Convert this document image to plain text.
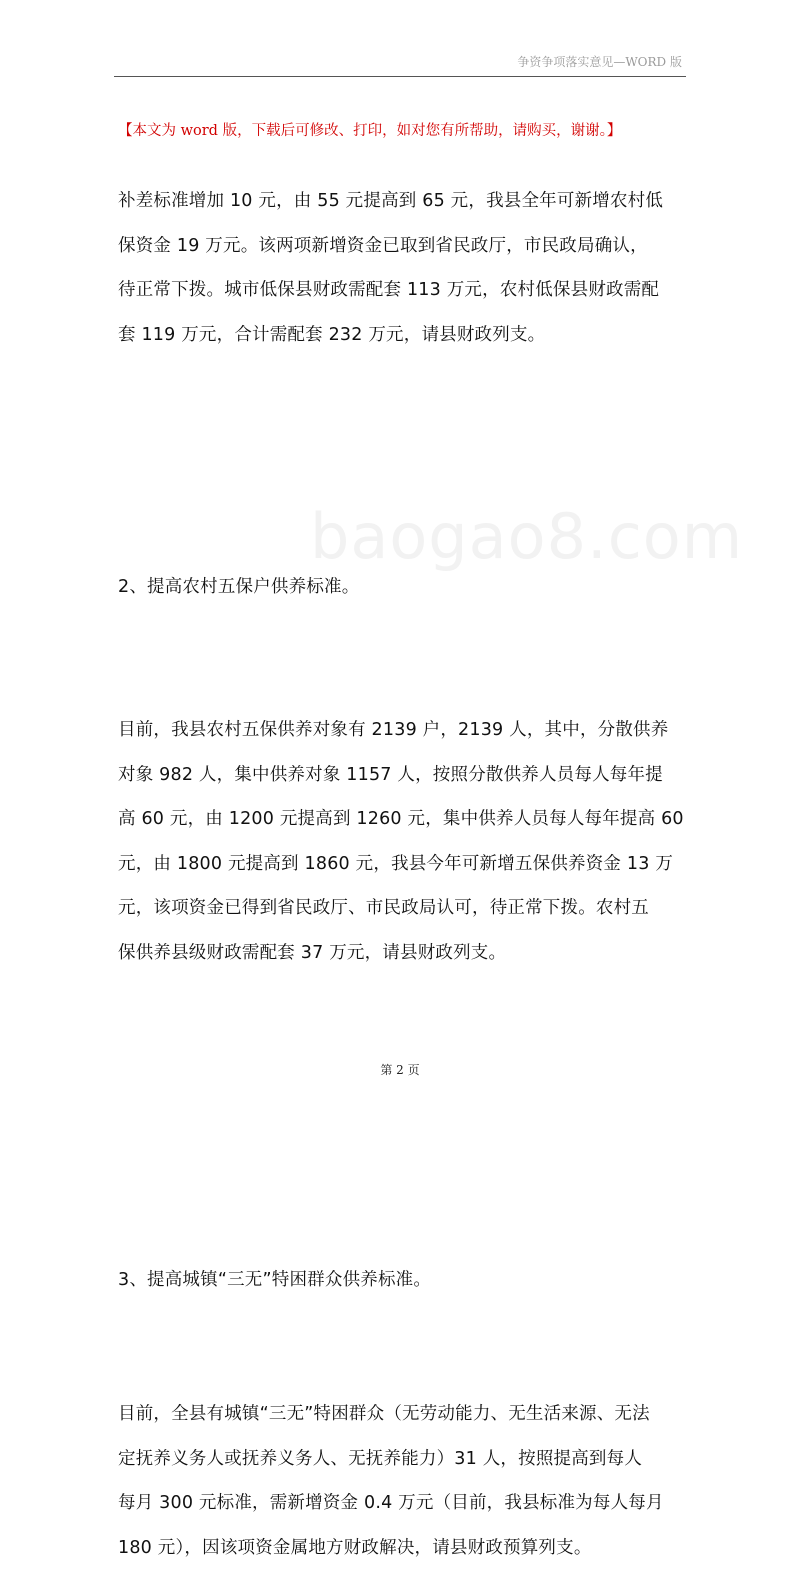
争资争项落实意见—WORD 版
baogao8.com
【本文为 word 版，下载后可修改、打印，如对您有所帮助，请购买，谢谢。】
补差标准增加 10 元，由 55 元提高到 65 元，我县全年可新增农村低
保资金 19 万元。该两项新增资金已取到省民政厅，市民政局确认，
待正常下拨。城市低保县财政需配套 113 万元，农村低保县财政需配
套 119 万元，合计需配套 232 万元，请县财政列支。
2、提高农村五保户供养标准。
目前，我县农村五保供养对象有 2139 户，2139 人，其中，分散供养
对象 982 人，集中供养对象 1157 人，按照分散供养人员每人每年提
高 60 元，由 1200 元提高到 1260 元，集中供养人员每人每年提高 60
元，由 1800 元提高到 1860 元，我县今年可新增五保供养资金 13 万
元，该项资金已得到省民政厅、市民政局认可，待正常下拨。农村五
保供养县级财政需配套 37 万元，请县财政列支。
3、提高城镇“三无”特困群众供养标准。
目前，全县有城镇“三无”特困群众（无劳动能力、无生活来源、无法
定抚养义务人或抚养义务人、无抚养能力）31 人，按照提高到每人
每月 300 元标准，需新增资金 0.4 万元（目前，我县标准为每人每月
180 元），因该项资金属地方财政解决，请县财政预算列支。
第 2 页
